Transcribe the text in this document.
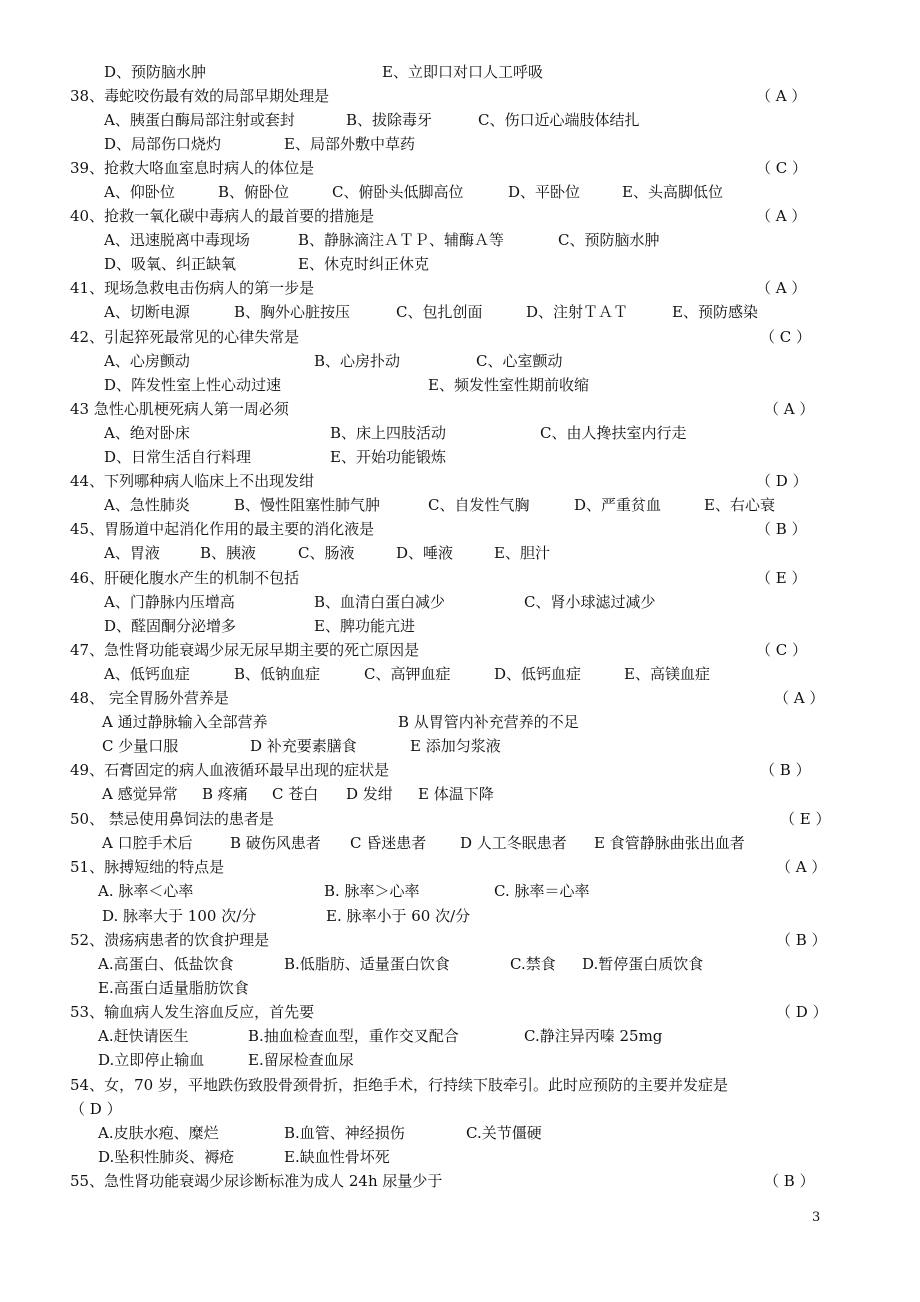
D、预防脑水肿	E、立即口对口人工呼吸
38、毒蛇咬伤最有效的局部早期处理是	（ A ）
A、胰蛋白酶局部注射或套封	B、拔除毒牙	C、伤口近心端肢体结扎
D、局部伤口烧灼	E、局部外敷中草药
39、抢救大咯血室息时病人的体位是	（ C ）
A、仰卧位	B、俯卧位	C、俯卧头低脚高位	D、平卧位	E、头高脚低位
40、抢救一氧化碳中毒病人的最首要的措施是	（ A ）
A、迅速脱离中毒现场	B、静脉滴注ＡＴＰ、辅酶Ａ等	C、预防脑水肿
D、吸氧、纠正缺氧	E、休克时纠正休克
41、现场急救电击伤病人的第一步是	（ A ）
A、切断电源	B、胸外心脏按压	C、包扎创面	D、注射ＴＡＴ	E、预防感染
42、引起猝死最常见的心律失常是	（ C ）
A、心房颤动	B、心房扑动	C、心室颤动
D、阵发性室上性心动过速	E、频发性室性期前收缩
43 急性心肌梗死病人第一周必须	（ A ）
A、绝对卧床	B、床上四肢活动	C、由人搀扶室内行走
D、日常生活自行料理	E、开始功能锻炼
44、下列哪种病人临床上不出现发绀	（ D ）
A、急性肺炎	B、慢性阻塞性肺气肿	C、自发性气胸	D、严重贫血	E、右心衰
45、胃肠道中起消化作用的最主要的消化液是	（ B ）
A、胃液	B、胰液	C、肠液	D、唾液	E、胆汁
46、肝硬化腹水产生的机制不包括	（ E ）
A、门静脉内压增高	B、血清白蛋白减少	C、肾小球滤过减少
D、醛固酮分泌增多	E、脾功能亢进
47、急性肾功能衰竭少尿无尿早期主要的死亡原因是	（ C ）
A、低钙血症	B、低钠血症	C、高钾血症	D、低钙血症	E、高镁血症
48、 完全胃肠外营养是	（ A ）
A 通过静脉输入全部营养	B 从胃管内补充营养的不足
C 少量口服	D 补充要素膳食	E 添加匀浆液
49、石膏固定的病人血液循环最早出现的症状是	（ B ）
A 感觉异常 B 疼痛 C 苍白 D 发绀 E 体温下降
50、 禁忌使用鼻饲法的患者是	（ E ）
A 口腔手术后 B 破伤风患者 C 昏迷患者 D 人工冬眠患者 E 食管静脉曲张出血者
51、脉搏短绌的特点是	（ A ）
A. 脉率＜心率	B. 脉率＞心率	C. 脉率＝心率
D. 脉率大于 100 次/分	E. 脉率小于 60 次/分
52、溃疡病患者的饮食护理是	（ B ）
A.高蛋白、低盐饮食	B.低脂肪、适量蛋白饮食	C.禁食 D.暂停蛋白质饮食
E.高蛋白适量脂肪饮食
53、输血病人发生溶血反应，首先要	（ D ）
A.赶快请医生	B.抽血检查血型，重作交叉配合	C.静注异丙嗪 25mg
D.立即停止输血	E.留尿检查血尿
54、女，70 岁，平地跌伤致股骨颈骨折，拒绝手术，行持续下肢牵引。此时应预防的主要并发症是
（ D ）
A.皮肤水疱、糜烂	B.血管、神经损伤	C.关节僵硬
D.坠积性肺炎、褥疮	E.缺血性骨坏死
55、急性肾功能衰竭少尿诊断标准为成人 24h 尿量少于	（ B ）
3
